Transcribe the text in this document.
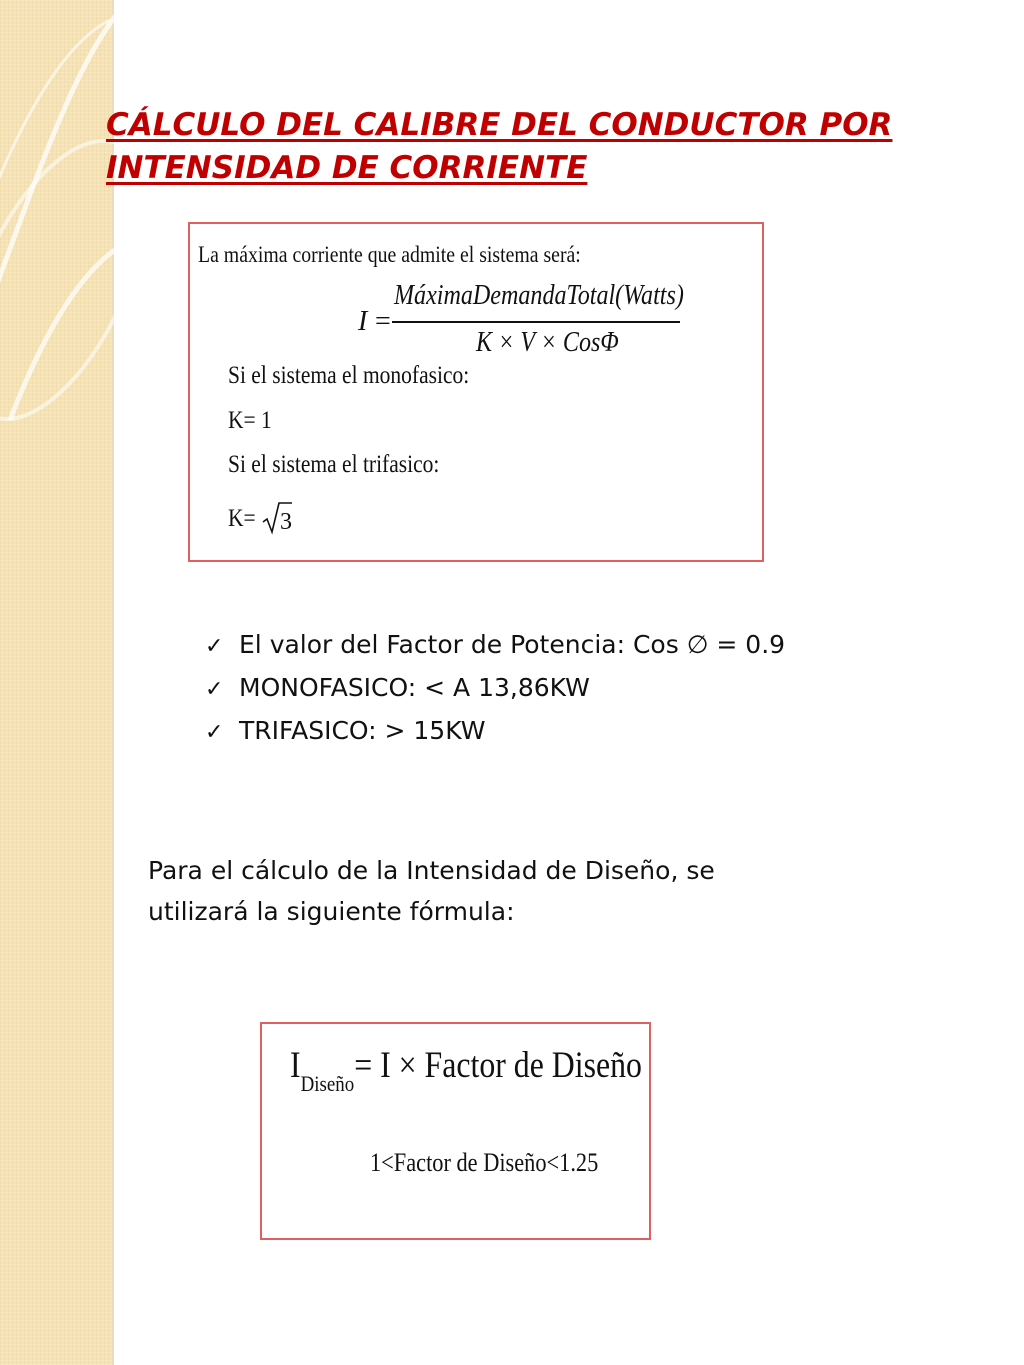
CÁLCULO DEL CALIBRE DEL CONDUCTOR POR
INTENSIDAD DE CORRIENTE
La máxima corriente que admite el sistema será:
I =
MáximaDemandaTotal(Watts)
K × V × CosΦ
Si el sistema el monofasico:
K= 1
Si el sistema el trifasico:
K= 3
✓ El valor del Factor de Potencia: Cos ∅ = 0.9
✓ MONOFASICO: < A 13,86KW
✓ TRIFASICO: > 15KW

Para el cálculo de la Intensidad de Diseño, se
utilizará la siguiente fórmula:

$I_{Diseño}= I$ × Factor de Diseño
1<Factor de Diseño<1.25
